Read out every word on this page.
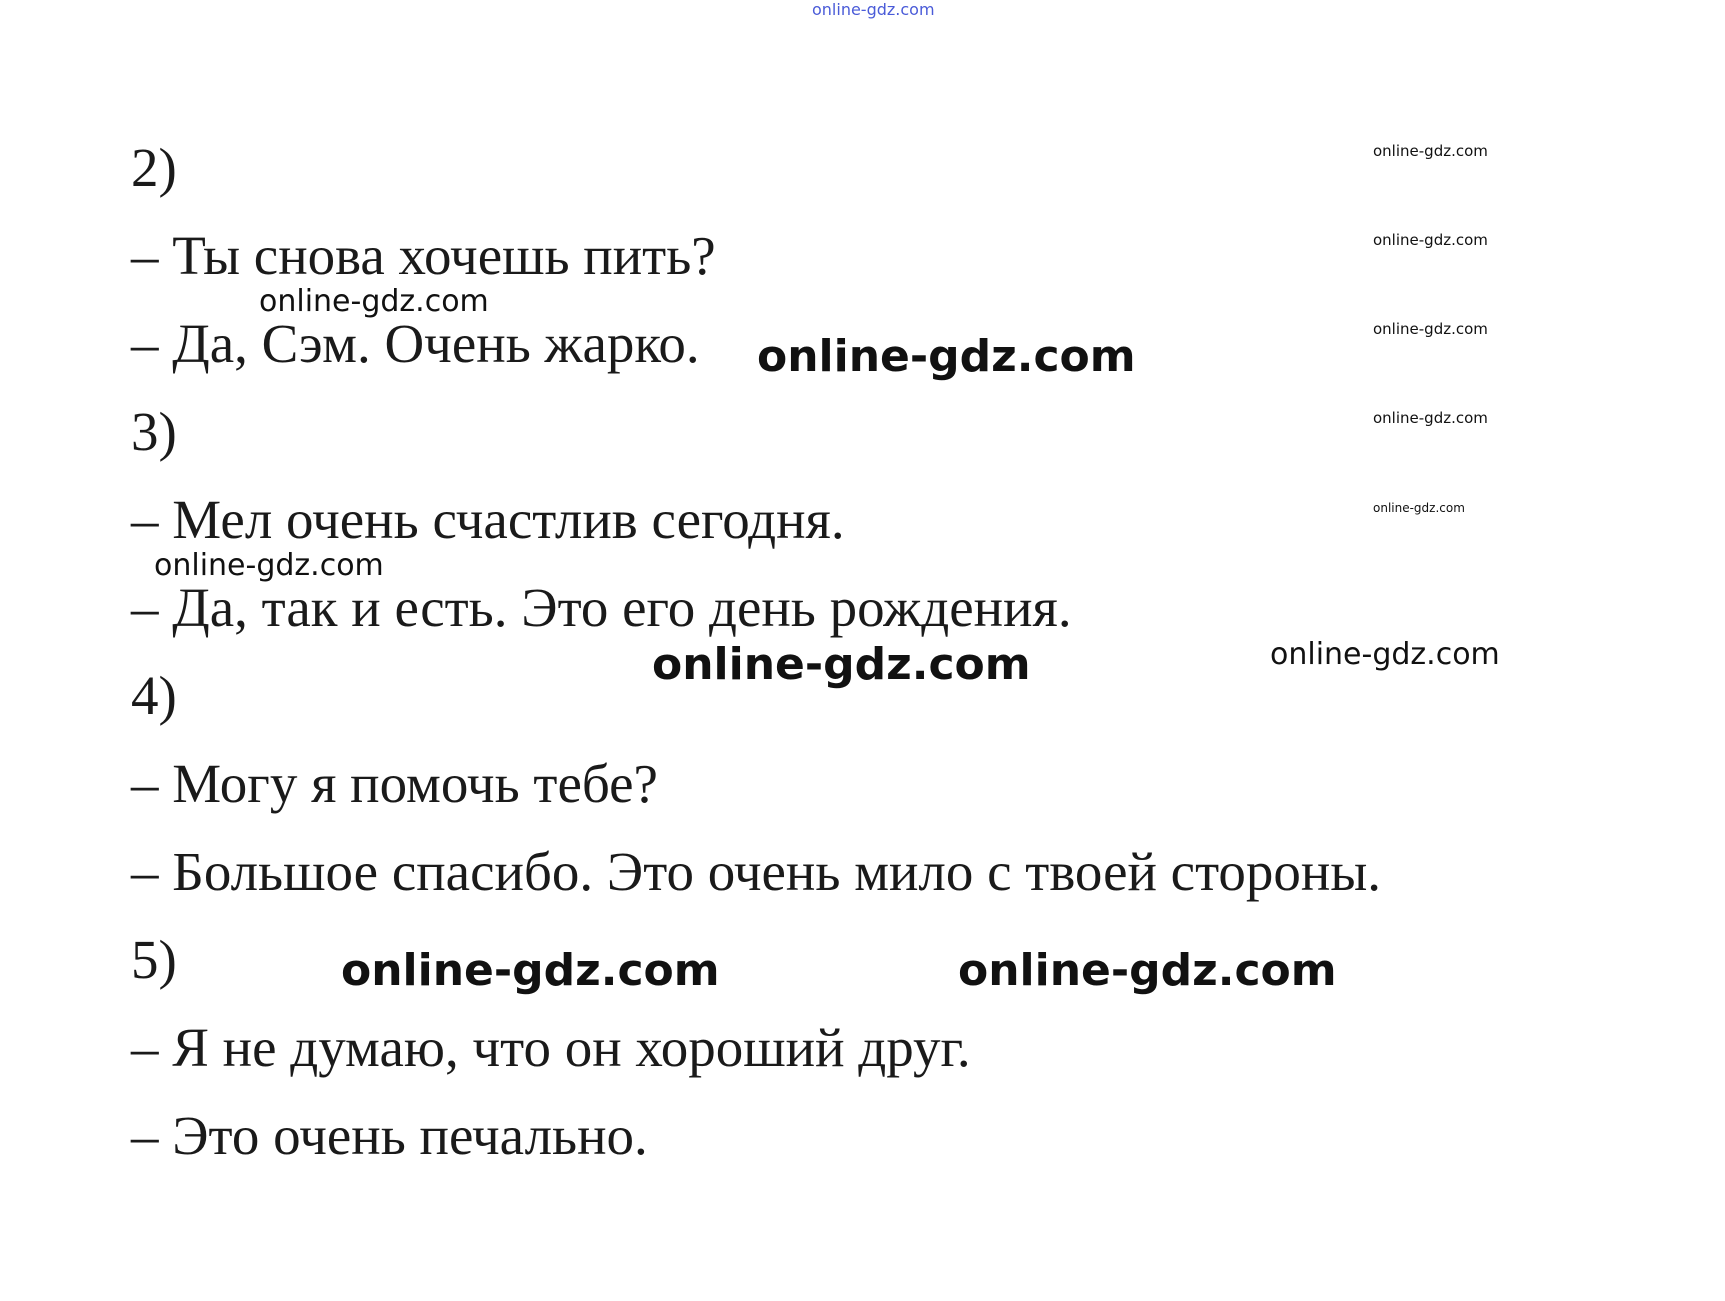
online-gdz.com
2)
– Ты снова хочешь пить?
– Да, Сэм. Очень жарко.
3)
– Мел очень счастлив сегодня.
– Да, так и есть. Это его день рождения.
4)
– Могу я помочь тебе?
– Большое спасибо. Это очень мило с твоей стороны.
5)
– Я не думаю, что он хороший друг.
– Это очень печально.
online-gdz.com
online-gdz.com
online-gdz.com
online-gdz.com
online-gdz.com
online-gdz.com
online-gdz.com
online-gdz.com
online-gdz.com	online-gdz.com
online-gdz.com	online-gdz.com
